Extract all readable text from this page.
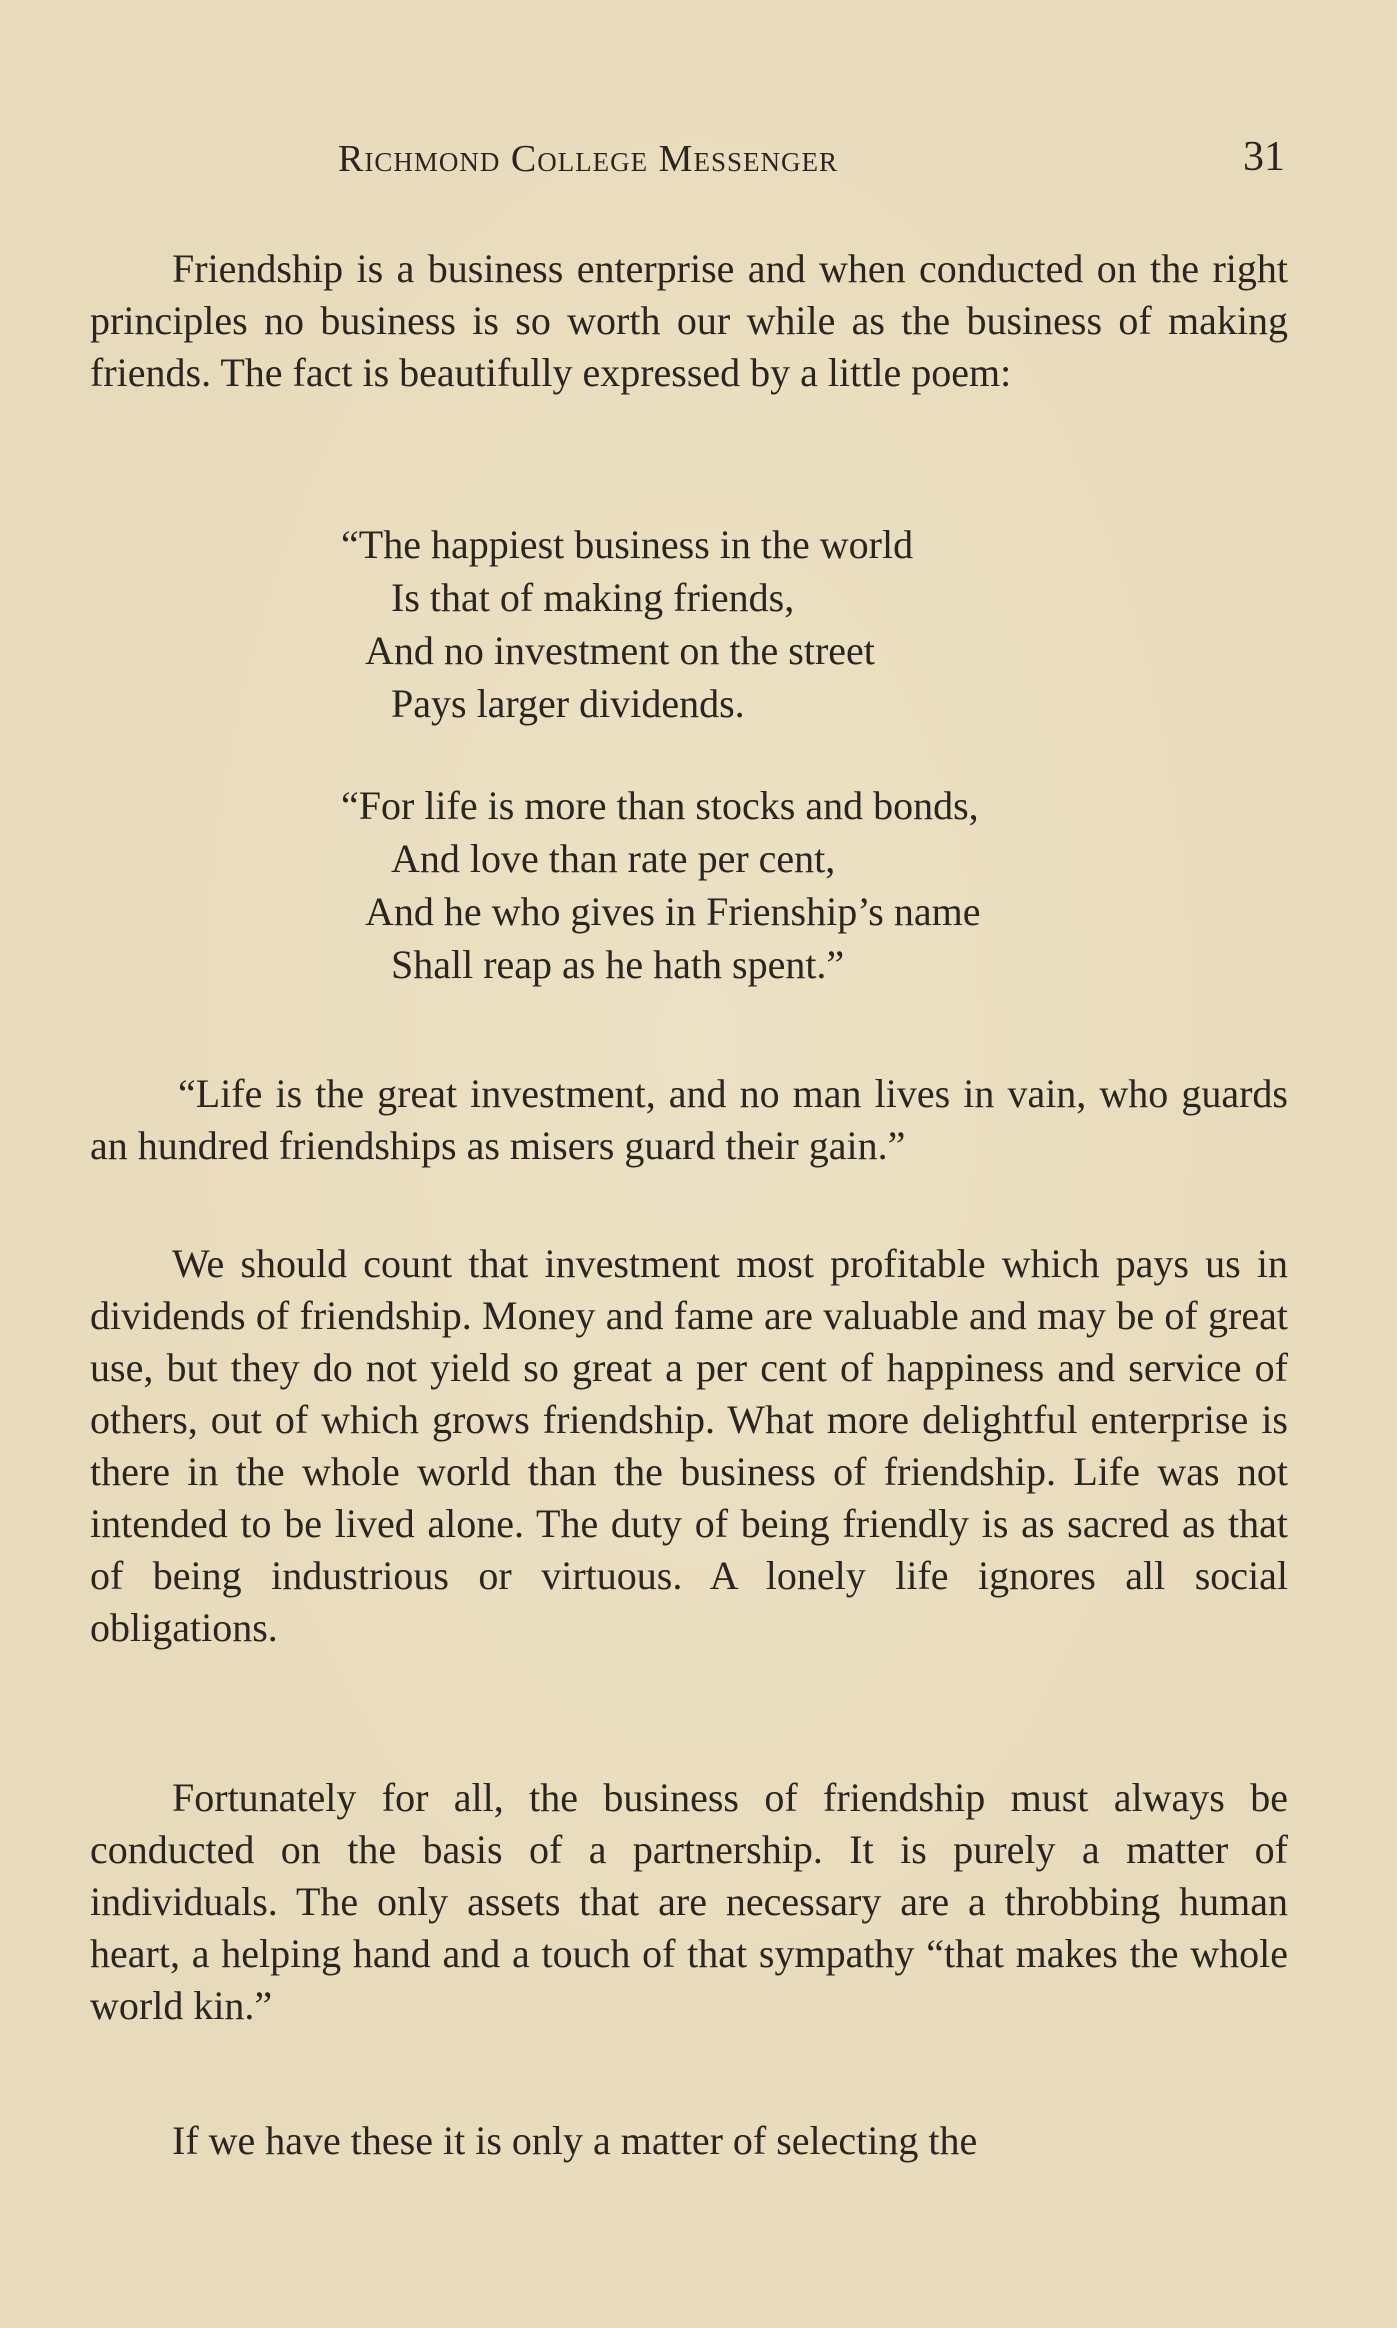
Richmond College Messenger	31

Friendship is a business enterprise and when conducted on the right principles no business is so worth our while as the business of making friends. The fact is beautifully expressed by a little poem:

“The happiest business in the world
Is that of making friends,
And no investment on the street
Pays larger dividends.
“For life is more than stocks and bonds,
And love than rate per cent,
And he who gives in Frienship’s name
Shall reap as he hath spent.”

“Life is the great investment, and no man lives in vain, who guards an hundred friendships as misers guard their gain.”

We should count that investment most profitable which pays us in dividends of friendship. Money and fame are valuable and may be of great use, but they do not yield so great a per cent of happiness and service of others, out of which grows friendship. What more delightful enterprise is there in the whole world than the business of friendship. Life was not intended to be lived alone. The duty of being friendly is as sacred as that of being industrious or virtuous. A lonely life ignores all social obligations.

Fortunately for all, the business of friendship must always be conducted on the basis of a partnership. It is purely a matter of individuals. The only assets that are necessary are a throbbing human heart, a helping hand and a touch of that sympathy “that makes the whole world kin.”

If we have these it is only a matter of selecting the
